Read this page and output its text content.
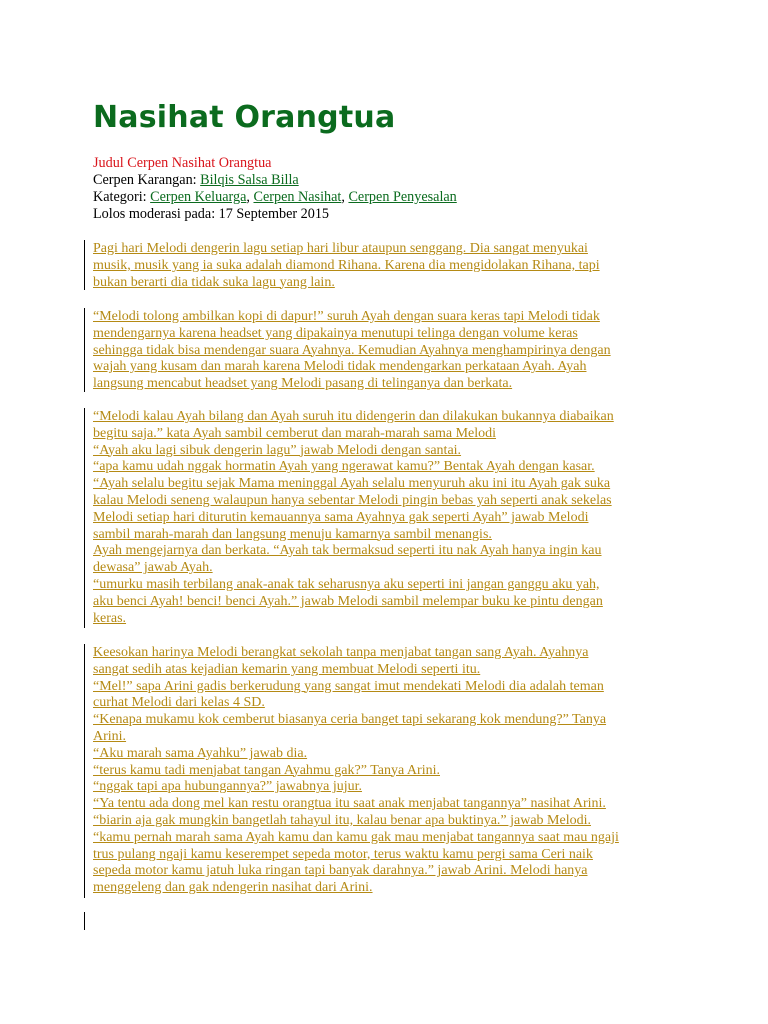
Nasihat Orangtua
Judul Cerpen Nasihat Orangtua
Cerpen Karangan: Bilqis Salsa Billa
Kategori: Cerpen Keluarga, Cerpen Nasihat, Cerpen Penyesalan
Lolos moderasi pada: 17 September 2015
Pagi hari Melodi dengerin lagu setiap hari libur ataupun senggang. Dia sangat menyukai
musik, musik yang ia suka adalah diamond Rihana. Karena dia mengidolakan Rihana, tapi
bukan berarti dia tidak suka lagu yang lain.
“Melodi tolong ambilkan kopi di dapur!” suruh Ayah dengan suara keras tapi Melodi tidak
mendengarnya karena headset yang dipakainya menutupi telinga dengan volume keras
sehingga tidak bisa mendengar suara Ayahnya. Kemudian Ayahnya menghampirinya dengan
wajah yang kusam dan marah karena Melodi tidak mendengarkan perkataan Ayah. Ayah
langsung mencabut headset yang Melodi pasang di telinganya dan berkata.
“Melodi kalau Ayah bilang dan Ayah suruh itu didengerin dan dilakukan bukannya diabaikan
begitu saja.” kata Ayah sambil cemberut dan marah-marah sama Melodi
“Ayah aku lagi sibuk dengerin lagu” jawab Melodi dengan santai.
“apa kamu udah nggak hormatin Ayah yang ngerawat kamu?” Bentak Ayah dengan kasar.
“Ayah selalu begitu sejak Mama meninggal Ayah selalu menyuruh aku ini itu Ayah gak suka
kalau Melodi seneng walaupun hanya sebentar Melodi pingin bebas yah seperti anak sekelas
Melodi setiap hari diturutin kemauannya sama Ayahnya gak seperti Ayah” jawab Melodi
sambil marah-marah dan langsung menuju kamarnya sambil menangis.
Ayah mengejarnya dan berkata. “Ayah tak bermaksud seperti itu nak Ayah hanya ingin kau
dewasa” jawab Ayah.
“umurku masih terbilang anak-anak tak seharusnya aku seperti ini jangan ganggu aku yah,
aku benci Ayah! benci! benci Ayah.” jawab Melodi sambil melempar buku ke pintu dengan
keras.
Keesokan harinya Melodi berangkat sekolah tanpa menjabat tangan sang Ayah. Ayahnya
sangat sedih atas kejadian kemarin yang membuat Melodi seperti itu.
“Mel!” sapa Arini gadis berkerudung yang sangat imut mendekati Melodi dia adalah teman
curhat Melodi dari kelas 4 SD.
“Kenapa mukamu kok cemberut biasanya ceria banget tapi sekarang kok mendung?” Tanya
Arini.
“Aku marah sama Ayahku” jawab dia.
“terus kamu tadi menjabat tangan Ayahmu gak?” Tanya Arini.
“nggak tapi apa hubungannya?” jawabnya jujur.
“Ya tentu ada dong mel kan restu orangtua itu saat anak menjabat tangannya” nasihat Arini.
“biarin aja gak mungkin bangetlah tahayul itu, kalau benar apa buktinya.” jawab Melodi.
“kamu pernah marah sama Ayah kamu dan kamu gak mau menjabat tangannya saat mau ngaji
trus pulang ngaji kamu keserempet sepeda motor, terus waktu kamu pergi sama Ceri naik
sepeda motor kamu jatuh luka ringan tapi banyak darahnya.” jawab Arini. Melodi hanya
menggeleng dan gak ndengerin nasihat dari Arini.
